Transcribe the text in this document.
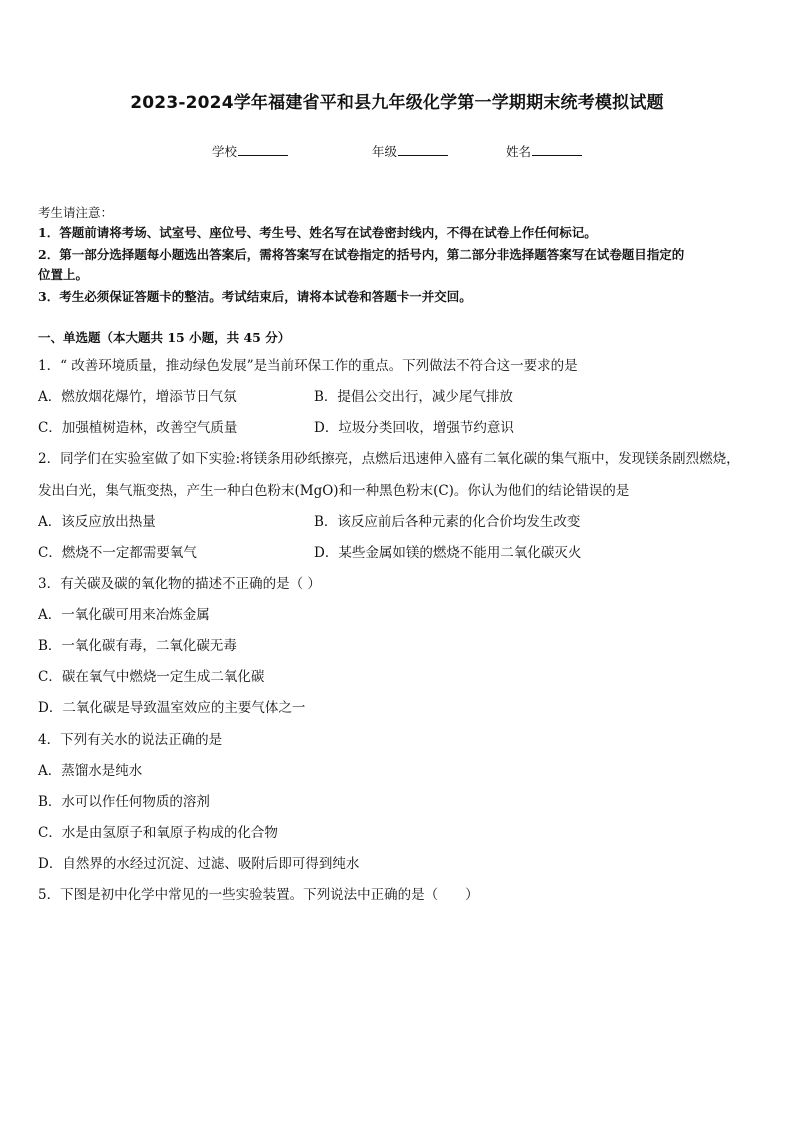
2023-2024学年福建省平和县九年级化学第一学期期末统考模拟试题
学校	年级	姓名
考生请注意：
1．答题前请将考场、试室号、座位号、考生号、姓名写在试卷密封线内，不得在试卷上作任何标记。
2．第一部分选择题每小题选出答案后，需将答案写在试卷指定的括号内，第二部分非选择题答案写在试卷题目指定的
位置上。
3．考生必须保证答题卡的整洁。考试结束后，请将本试卷和答题卡一并交回。
一、单选题（本大题共 15 小题，共 45 分）
1．“ 改善环境质量，推动绿色发展”是当前环保工作的重点。下列做法不符合这一要求的是
A．燃放烟花爆竹，增添节日气氛	B．提倡公交出行，减少尾气排放
C．加强植树造林，改善空气质量	D．垃圾分类回收，增强节约意识
2．同学们在实验室做了如下实验:将镁条用砂纸擦亮，点燃后迅速伸入盛有二氧化碳的集气瓶中，发现镁条剧烈燃烧，
发出白光，集气瓶变热，产生一种白色粉末(MgO)和一种黑色粉末(C)。你认为他们的结论错误的是
A．该反应放出热量	B．该反应前后各种元素的化合价均发生改变
C．燃烧不一定都需要氧气	D．某些金属如镁的燃烧不能用二氧化碳灭火
3．有关碳及碳的氧化物的描述不正确的是（ ）
A．一氧化碳可用来冶炼金属
B．一氧化碳有毒，二氧化碳无毒
C．碳在氧气中燃烧一定生成二氧化碳
D．二氧化碳是导致温室效应的主要气体之一
4．下列有关水的说法正确的是
A．蒸馏水是纯水
B．水可以作任何物质的溶剂
C．水是由氢原子和氧原子构成的化合物
D．自然界的水经过沉淀、过滤、吸附后即可得到纯水
5．下图是初中化学中常见的一些实验装置。下列说法中正确的是（　　）
